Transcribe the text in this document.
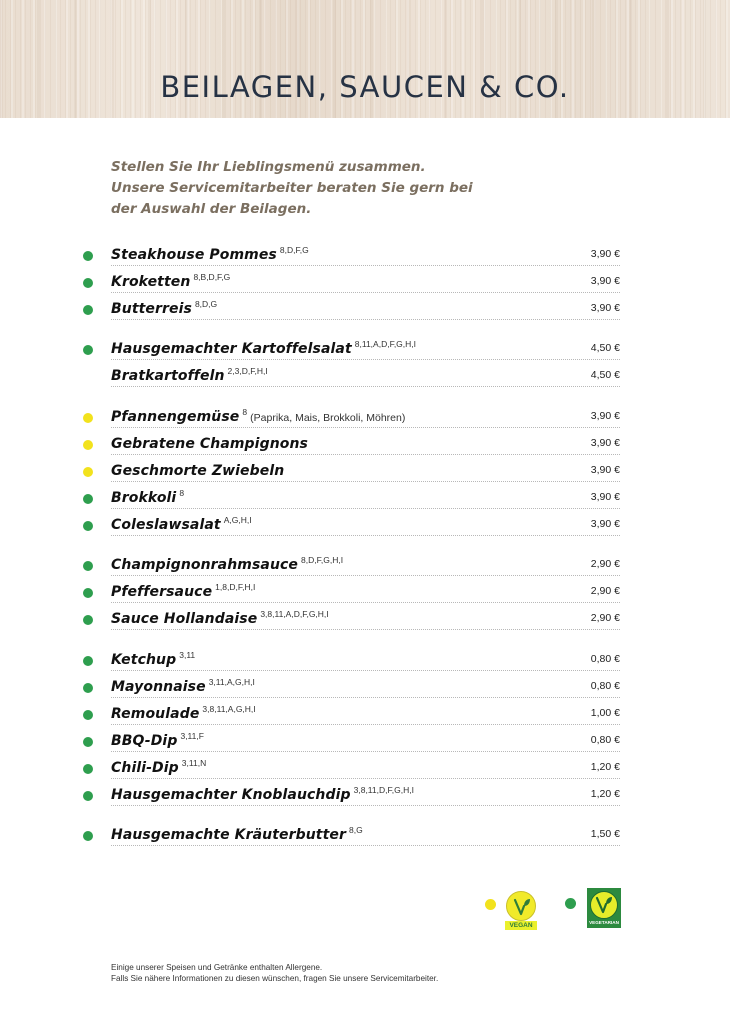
BEILAGEN, SAUCEN & CO.
Stellen Sie Ihr Lieblingsmenü zusammen.
Unsere Servicemitarbeiter beraten Sie gern bei
der Auswahl der Beilagen.
Steakhouse Pommes $^{8,D,F,G}$	3,90 €
Kroketten $^{8,B,D,F,G}$	3,90 €
Butterreis $^{8,D,G}$	3,90 €
Hausgemachter Kartoffelsalat $^{8,11,A,D,F,G,H,I}$	4,50 €
Bratkartoffeln $^{2,3,D,F,H,I}$	4,50 €
Pfannengemüse $^8$ (Paprika, Mais, Brokkoli, Möhren)	3,90 €
Gebratene Champignons	3,90 €
Geschmorte Zwiebeln	3,90 €
Brokkoli $^8$	3,90 €
Coleslawsalat $^{A,G,H,I}$	3,90 €
Champignonrahmsauce $^{8,D,F,G,H,I}$	2,90 €
Pfeffersauce $^{1,8,D,F,H,I}$	2,90 €
Sauce Hollandaise $^{3,8,11,A,D,F,G,H,I}$	2,90 €
Ketchup $^{3,11}$	0,80 €
Mayonnaise $^{3,11,A,G,H,I}$	0,80 €
Remoulade $^{3,8,11,A,G,H,I}$	1,00 €
BBQ-Dip $^{3,11,F}$	0,80 €
Chili-Dip $^{3,11,N}$	1,20 €
Hausgemachter Knoblauchdip $^{3,8,11,D,F,G,H,I}$	1,20 €
Hausgemachte Kräuterbutter $^{8,G}$	1,50 €
VEGAN	VEGETARIAN
Einige unserer Speisen und Getränke enthalten Allergene.
Falls Sie nähere Informationen zu diesen wünschen, fragen Sie unsere Servicemitarbeiter.
